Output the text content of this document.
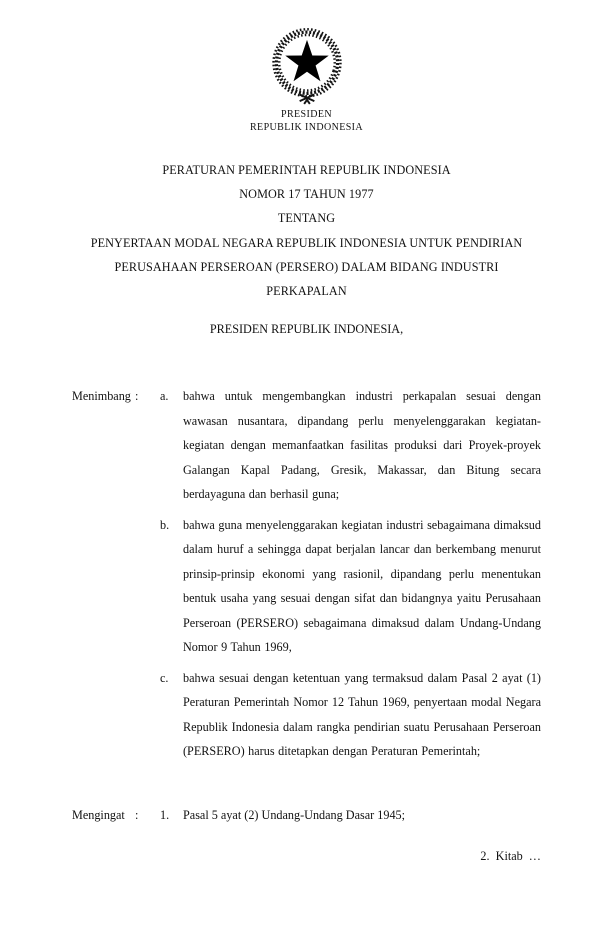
PRESIDEN
REPUBLIK INDONESIA
PERATURAN PEMERINTAH REPUBLIK INDONESIA
NOMOR 17 TAHUN 1977
TENTANG
PENYERTAAN MODAL NEGARA REPUBLIK INDONESIA UNTUK PENDIRIAN
PERUSAHAAN PERSEROAN (PERSERO) DALAM BIDANG INDUSTRI
PERKAPALAN
PRESIDEN REPUBLIK INDONESIA,
Menimbang :	a.	bahwa untuk mengembangkan industri perkapalan sesuai dengan wawasan nusantara, dipandang perlu menyelenggarakan kegiatan-kegiatan dengan memanfaatkan fasilitas produksi dari Proyek-proyek Galangan Kapal Padang, Gresik, Makassar, dan Bitung secara berdayaguna dan berhasil guna;

b.	bahwa guna menyelenggarakan kegiatan industri sebagaimana dimaksud dalam huruf a sehingga dapat berjalan lancar dan berkembang menurut prinsip-prinsip ekonomi yang rasionil, dipandang perlu menentukan bentuk usaha yang sesuai dengan sifat dan bidangnya yaitu Perusahaan Perseroan (PERSERO) sebagaimana dimaksud dalam Undang-Undang Nomor 9 Tahun 1969,

c.	bahwa sesuai dengan ketentuan yang termaksud dalam Pasal 2 ayat (1) Peraturan Pemerintah Nomor 12 Tahun 1969, penyertaan modal Negara Republik Indonesia dalam rangka pendirian suatu Perusahaan Perseroan (PERSERO) harus ditetapkan dengan Peraturan Pemerintah;

Mengingat :	1.	Pasal 5 ayat (2) Undang-Undang Dasar 1945;

2.  Kitab  …
